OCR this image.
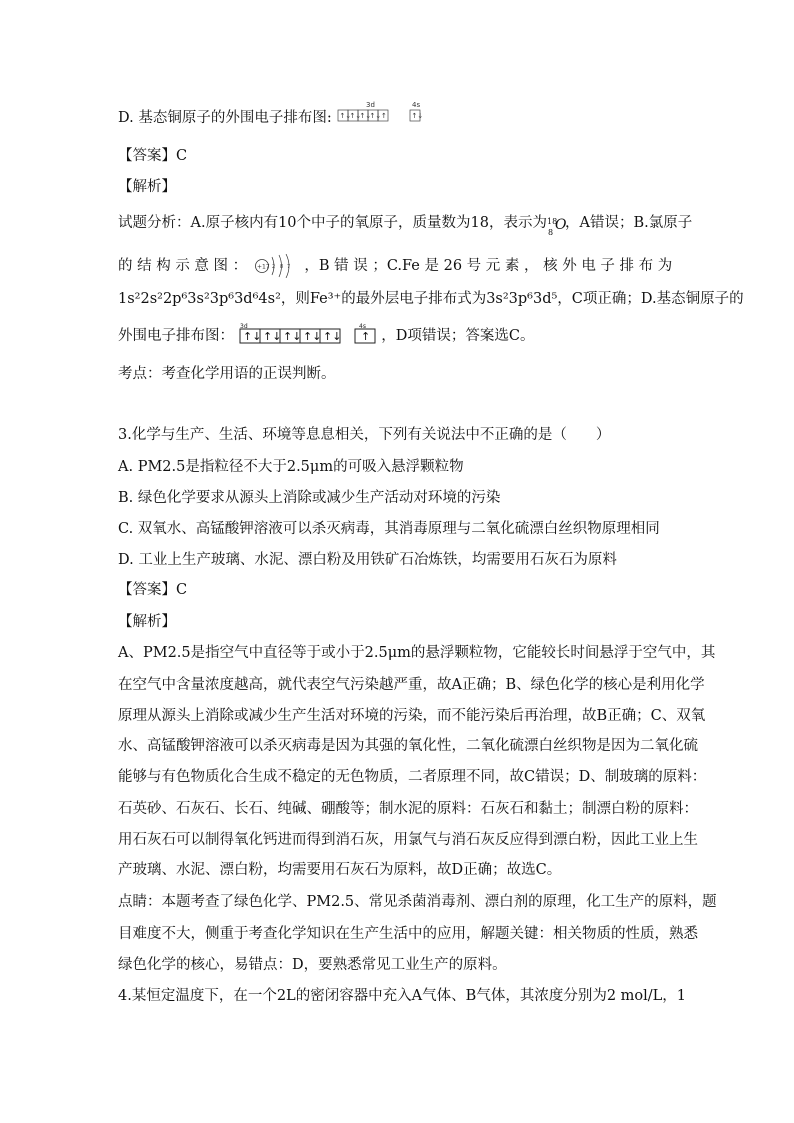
D. 基态铜原子的外围电子排布图:
3d	4s
↑↓
↑↓
↑↓
↑↓ ↑	↑↓
【答案】C
【解析】
试题分析：A.原子核内有10个中子的氧原子，质量数为18，表示为 18
8 O
，A错误；B.氯原子
的 结 构 示 意 图 ： +17 2 8 7 ，B 错 误 ；C.Fe 是 26 号 元 素 ， 核 外 电 子 排 布 为
1s²2s²2p⁶3s²3p⁶3d⁶4s²，则Fe³⁺的最外层电子排布式为3s²3p⁶3d⁵，C项正确；D.基态铜原子的
外围电子排布图：
3d	4s
↑↓ ↑↓ ↑↓ ↑↓ ↑↓ ↑ ，D项错误；答案选C。
考点：考查化学用语的正误判断。
3.化学与生产、生活、环境等息息相关，下列有关说法中不正确的是（　　）
A. PM2.5是指粒径不大于2.5μm的可吸入悬浮颗粒物
B. 绿色化学要求从源头上消除或减少生产活动对环境的污染
C. 双氧水、高锰酸钾溶液可以杀灭病毒，其消毒原理与二氧化硫漂白丝织物原理相同
D. 工业上生产玻璃、水泥、漂白粉及用铁矿石冶炼铁，均需要用石灰石为原料
【答案】C
【解析】
A、PM2.5是指空气中直径等于或小于2.5μm的悬浮颗粒物，它能较长时间悬浮于空气中，其
在空气中含量浓度越高，就代表空气污染越严重，故A正确；B、绿色化学的核心是利用化学
原理从源头上消除或减少生产生活对环境的污染，而不能污染后再治理，故B正确；C、双氧
水、高锰酸钾溶液可以杀灭病毒是因为其强的氧化性，二氧化硫漂白丝织物是因为二氧化硫
能够与有色物质化合生成不稳定的无色物质，二者原理不同，故C错误；D、制玻璃的原料：
石英砂、石灰石、长石、纯碱、硼酸等；制水泥的原料：石灰石和黏土；制漂白粉的原料：
用石灰石可以制得氧化钙进而得到消石灰，用氯气与消石灰反应得到漂白粉，因此工业上生
产玻璃、水泥、漂白粉，均需要用石灰石为原料，故D正确；故选C。
点睛：本题考查了绿色化学、PM2.5、常见杀菌消毒剂、漂白剂的原理，化工生产的原料，题
目难度不大，侧重于考查化学知识在生产生活中的应用，解题关键：相关物质的性质，熟悉
绿色化学的核心，易错点：D，要熟悉常见工业生产的原料。
4.某恒定温度下，在一个2L的密闭容器中充入A气体、B气体，其浓度分别为2 mol/L，1
